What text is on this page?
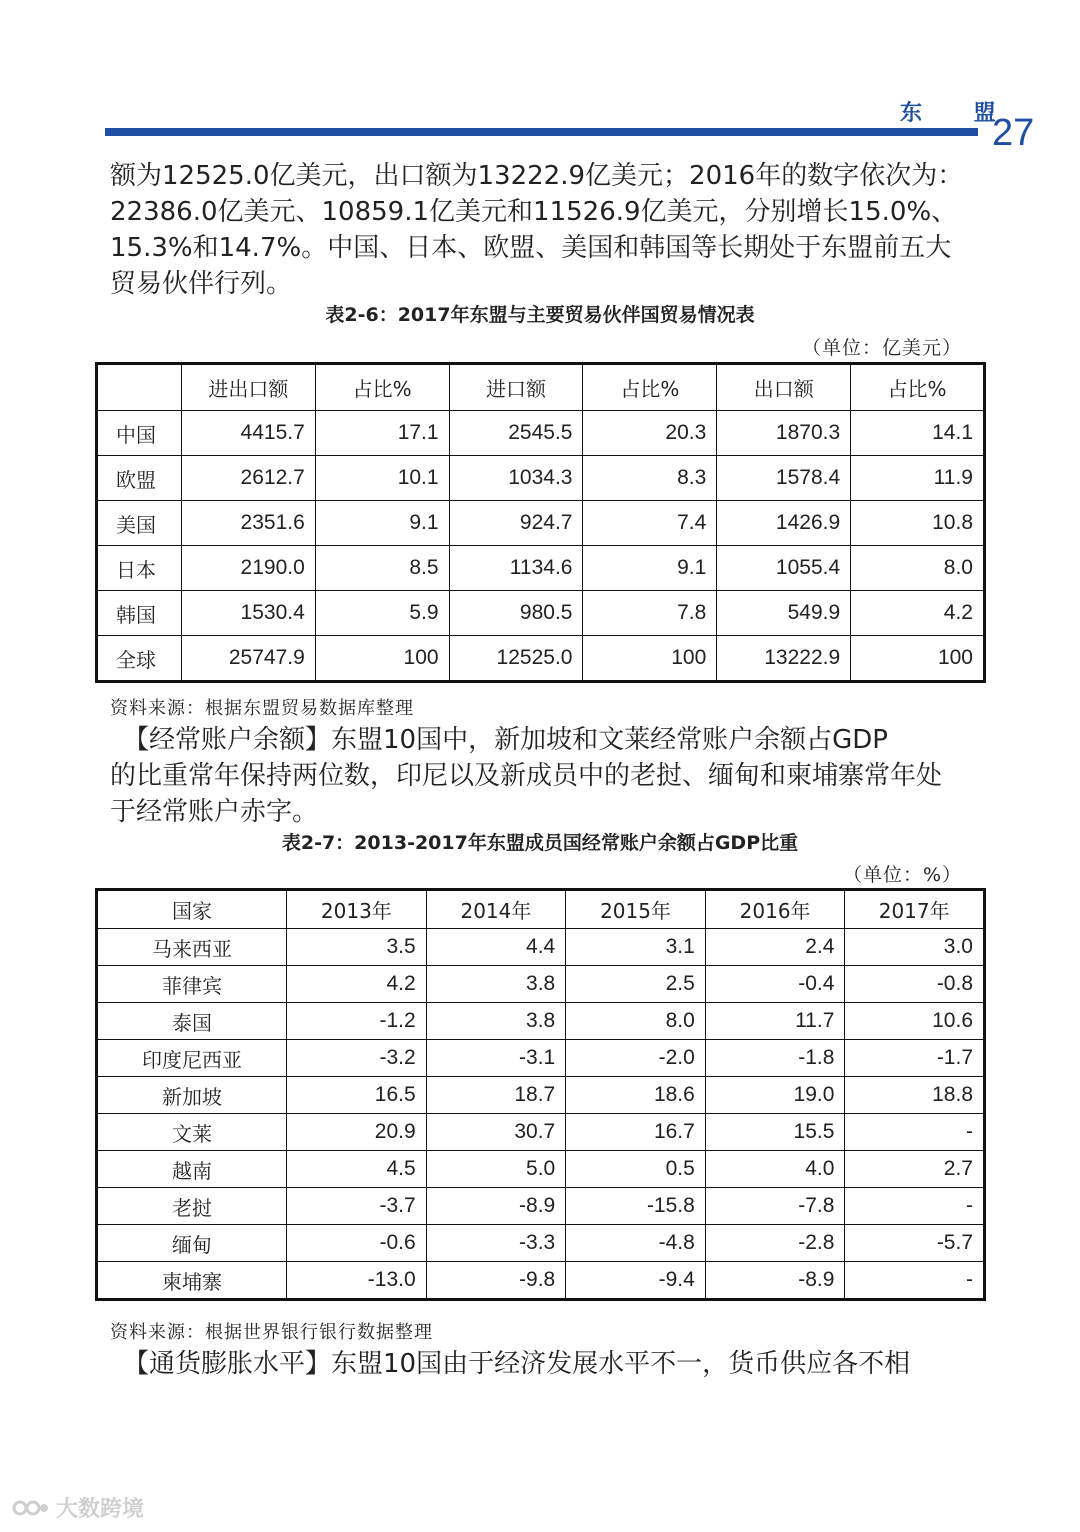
东 盟
27
额为12525.0亿美元，出口额为13222.9亿美元；2016年的数字依次为：
22386.0亿美元、10859.1亿美元和11526.9亿美元，分别增长15.0%、
15.3%和14.7%。中国、日本、欧盟、美国和韩国等长期处于东盟前五大
贸易伙伴行列。
表2-6：2017年东盟与主要贸易伙伴国贸易情况表
（单位：亿美元）
	进出口额	占比%	进口额	占比%	出口额	占比%
中国	4415.7	17.1	2545.5	20.3	1870.3	14.1
欧盟	2612.7	10.1	1034.3	8.3	1578.4	11.9
美国	2351.6	9.1	924.7	7.4	1426.9	10.8
日本	2190.0	8.5	1134.6	9.1	1055.4	8.0
韩国	1530.4	5.9	980.5	7.8	549.9	4.2
全球	25747.9	100	12525.0	100	13222.9	100
资料来源：根据东盟贸易数据库整理
　【经常账户余额】东盟10国中，新加坡和文莱经常账户余额占GDP
的比重常年保持两位数，印尼以及新成员中的老挝、缅甸和柬埔寨常年处
于经常账户赤字。
表2-7：2013-2017年东盟成员国经常账户余额占GDP比重
（单位：%）
国家	2013年	2014年	2015年	2016年	2017年
马来西亚	3.5	4.4	3.1	2.4	3.0
菲律宾	4.2	3.8	2.5	-0.4	-0.8
泰国	-1.2	3.8	8.0	11.7	10.6
印度尼西亚	-3.2	-3.1	-2.0	-1.8	-1.7
新加坡	16.5	18.7	18.6	19.0	18.8
文莱	20.9	30.7	16.7	15.5	-
越南	4.5	5.0	0.5	4.0	2.7
老挝	-3.7	-8.9	-15.8	-7.8	-
缅甸	-0.6	-3.3	-4.8	-2.8	-5.7
柬埔寨	-13.0	-9.8	-9.4	-8.9	-
资料来源：根据世界银行银行数据整理
　【通货膨胀水平】东盟10国由于经济发展水平不一，货币供应各不相
大数跨境
